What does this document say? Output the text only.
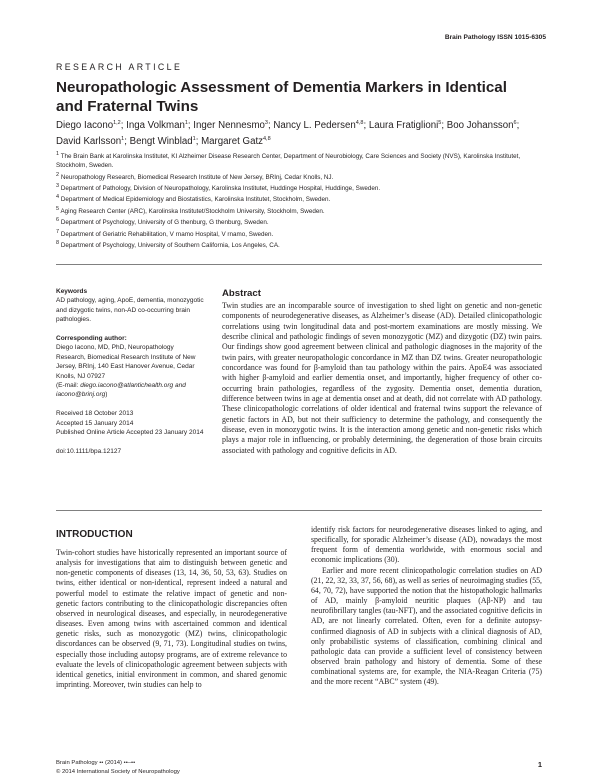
Brain Pathology ISSN 1015-6305
RESEARCH ARTICLE
Neuropathologic Assessment of Dementia Markers in Identical and Fraternal Twins
Diego Iacono$^{1,2}$; Inga Volkman$^1$; Inger Nennesmo$^3$; Nancy L. Pedersen$^{4,8}$; Laura Fratiglioni$^5$; Boo Johansson$^6$; David Karlsson$^1$; Bengt Winblad$^1$; Margaret Gatz$^{4,8}$
$^1$ The Brain Bank at Karolinska Institutet, KI Alzheimer Disease Research Center, Department of Neurobiology, Care Sciences and Society (NVS), Karolinska Institutet, Stockholm, Sweden.
$^2$ Neuropathology Research, Biomedical Research Institute of New Jersey, BRInj, Cedar Knolls, NJ.
$^3$ Department of Pathology, Division of Neuropathology, Karolinska Institutet, Huddinge Hospital, Huddinge, Sweden.
$^4$ Department of Medical Epidemiology and Biostatistics, Karolinska Institutet, Stockholm, Sweden.
$^5$ Aging Research Center (ARC), Karolinska Institutet/Stockholm University, Stockholm, Sweden.
$^6$ Department of Psychology, University of G thenburg, G thenburg, Sweden.
$^7$ Department of Geriatric Rehabilitation, V rnamo Hospital, V rnamo, Sweden.
$^8$ Department of Psychology, University of Southern California, Los Angeles, CA.
Keywords
AD pathology, aging, ApoE, dementia, monozygotic and dizygotic twins, non-AD co-occurring brain pathologies.
Corresponding author:
Diego Iacono, MD, PhD, Neuropathology Research, Biomedical Research Institute of New Jersey, BRInj, 140 East Hanover Avenue, Cedar Knolls, NJ 07927
(E-mail: diego.iacono@atlantichealth.org and iacono@brinj.org)
Received 18 October 2013
Accepted 15 January 2014
Published Online Article Accepted 23 January 2014
doi:10.1111/bpa.12127
Abstract

Twin studies are an incomparable source of investigation to shed light on genetic and non-genetic components of neurodegenerative diseases, as Alzheimer’s disease (AD). Detailed clinicopathologic correlations using twin longitudinal data and post-mortem examinations are mostly missing. We describe clinical and pathologic findings of seven monozygotic (MZ) and dizygotic (DZ) twin pairs. Our findings show good agreement between clinical and pathologic diagnoses in the majority of the twin pairs, with greater neuropathologic concordance in MZ than DZ twins. Greater neuropathologic concordance was found for β-amyloid than tau pathology within the pairs. ApoE4 was associated with higher β-amyloid and earlier dementia onset, and importantly, higher frequency of other co-occurring brain pathologies, regardless of the zygosity. Dementia onset, dementia duration, difference between twins in age at dementia onset and at death, did not correlate with AD pathology. These clinicopathologic correlations of older identical and fraternal twins support the relevance of genetic factors in AD, but not their sufficiency to determine the pathology, and consequently the disease, even in monozygotic twins. It is the interaction among genetic and non-genetic risks which plays a major role in influencing, or probably determining, the degeneration of those brain circuits associated with pathology and cognitive deficits in AD.

INTRODUCTION

Twin-cohort studies have historically represented an important source of analysis for investigations that aim to distinguish between genetic and non-genetic components of diseases (13, 14, 36, 50, 53, 63). Studies on twins, either identical or non-identical, represent indeed a natural and powerful model to estimate the relative impact of genetic and non-genetic factors contributing to the clinicopathologic discrepancies often observed in neurological diseases, and especially, in neurodegenerative diseases. Even among twins with ascertained common and identical genetic risks, such as monozygotic (MZ) twins, clinicopathologic discordances can be observed (9, 71, 73). Longitudinal studies on twins, especially those including autopsy programs, are of extreme relevance to evaluate the levels of clinicopathologic agreement between subjects with identical genetics, initial environment in common, and shared genomic imprinting. Moreover, twin studies can help to

identify risk factors for neurodegenerative diseases linked to aging, and specifically, for sporadic Alzheimer’s disease (AD), nowadays the most frequent form of dementia worldwide, with enormous social and economic implications (30).

Earlier and more recent clinicopathologic correlation studies on AD (21, 22, 32, 33, 37, 56, 68), as well as series of neuroimaging studies (55, 64, 70, 72), have supported the notion that the histopathologic hallmarks of AD, mainly β-amyloid neuritic plaques (Aβ-NP) and tau neurofibrillary tangles (tau-NFT), and the associated cognitive deficits in AD, are not linearly correlated. Often, even for a definite autopsy-confirmed diagnosis of AD in subjects with a clinical diagnosis of AD, only probabilistic systems of classification, combining clinical and pathologic data can provide a sufficient level of consistency between observed brain pathology and history of dementia. Some of these combinational systems are, for example, the NIA-Reagan Criteria (75) and the more recent “ABC” system (49).

Brain Pathology •• (2014) ••–••
© 2014 International Society of Neuropathology
1
